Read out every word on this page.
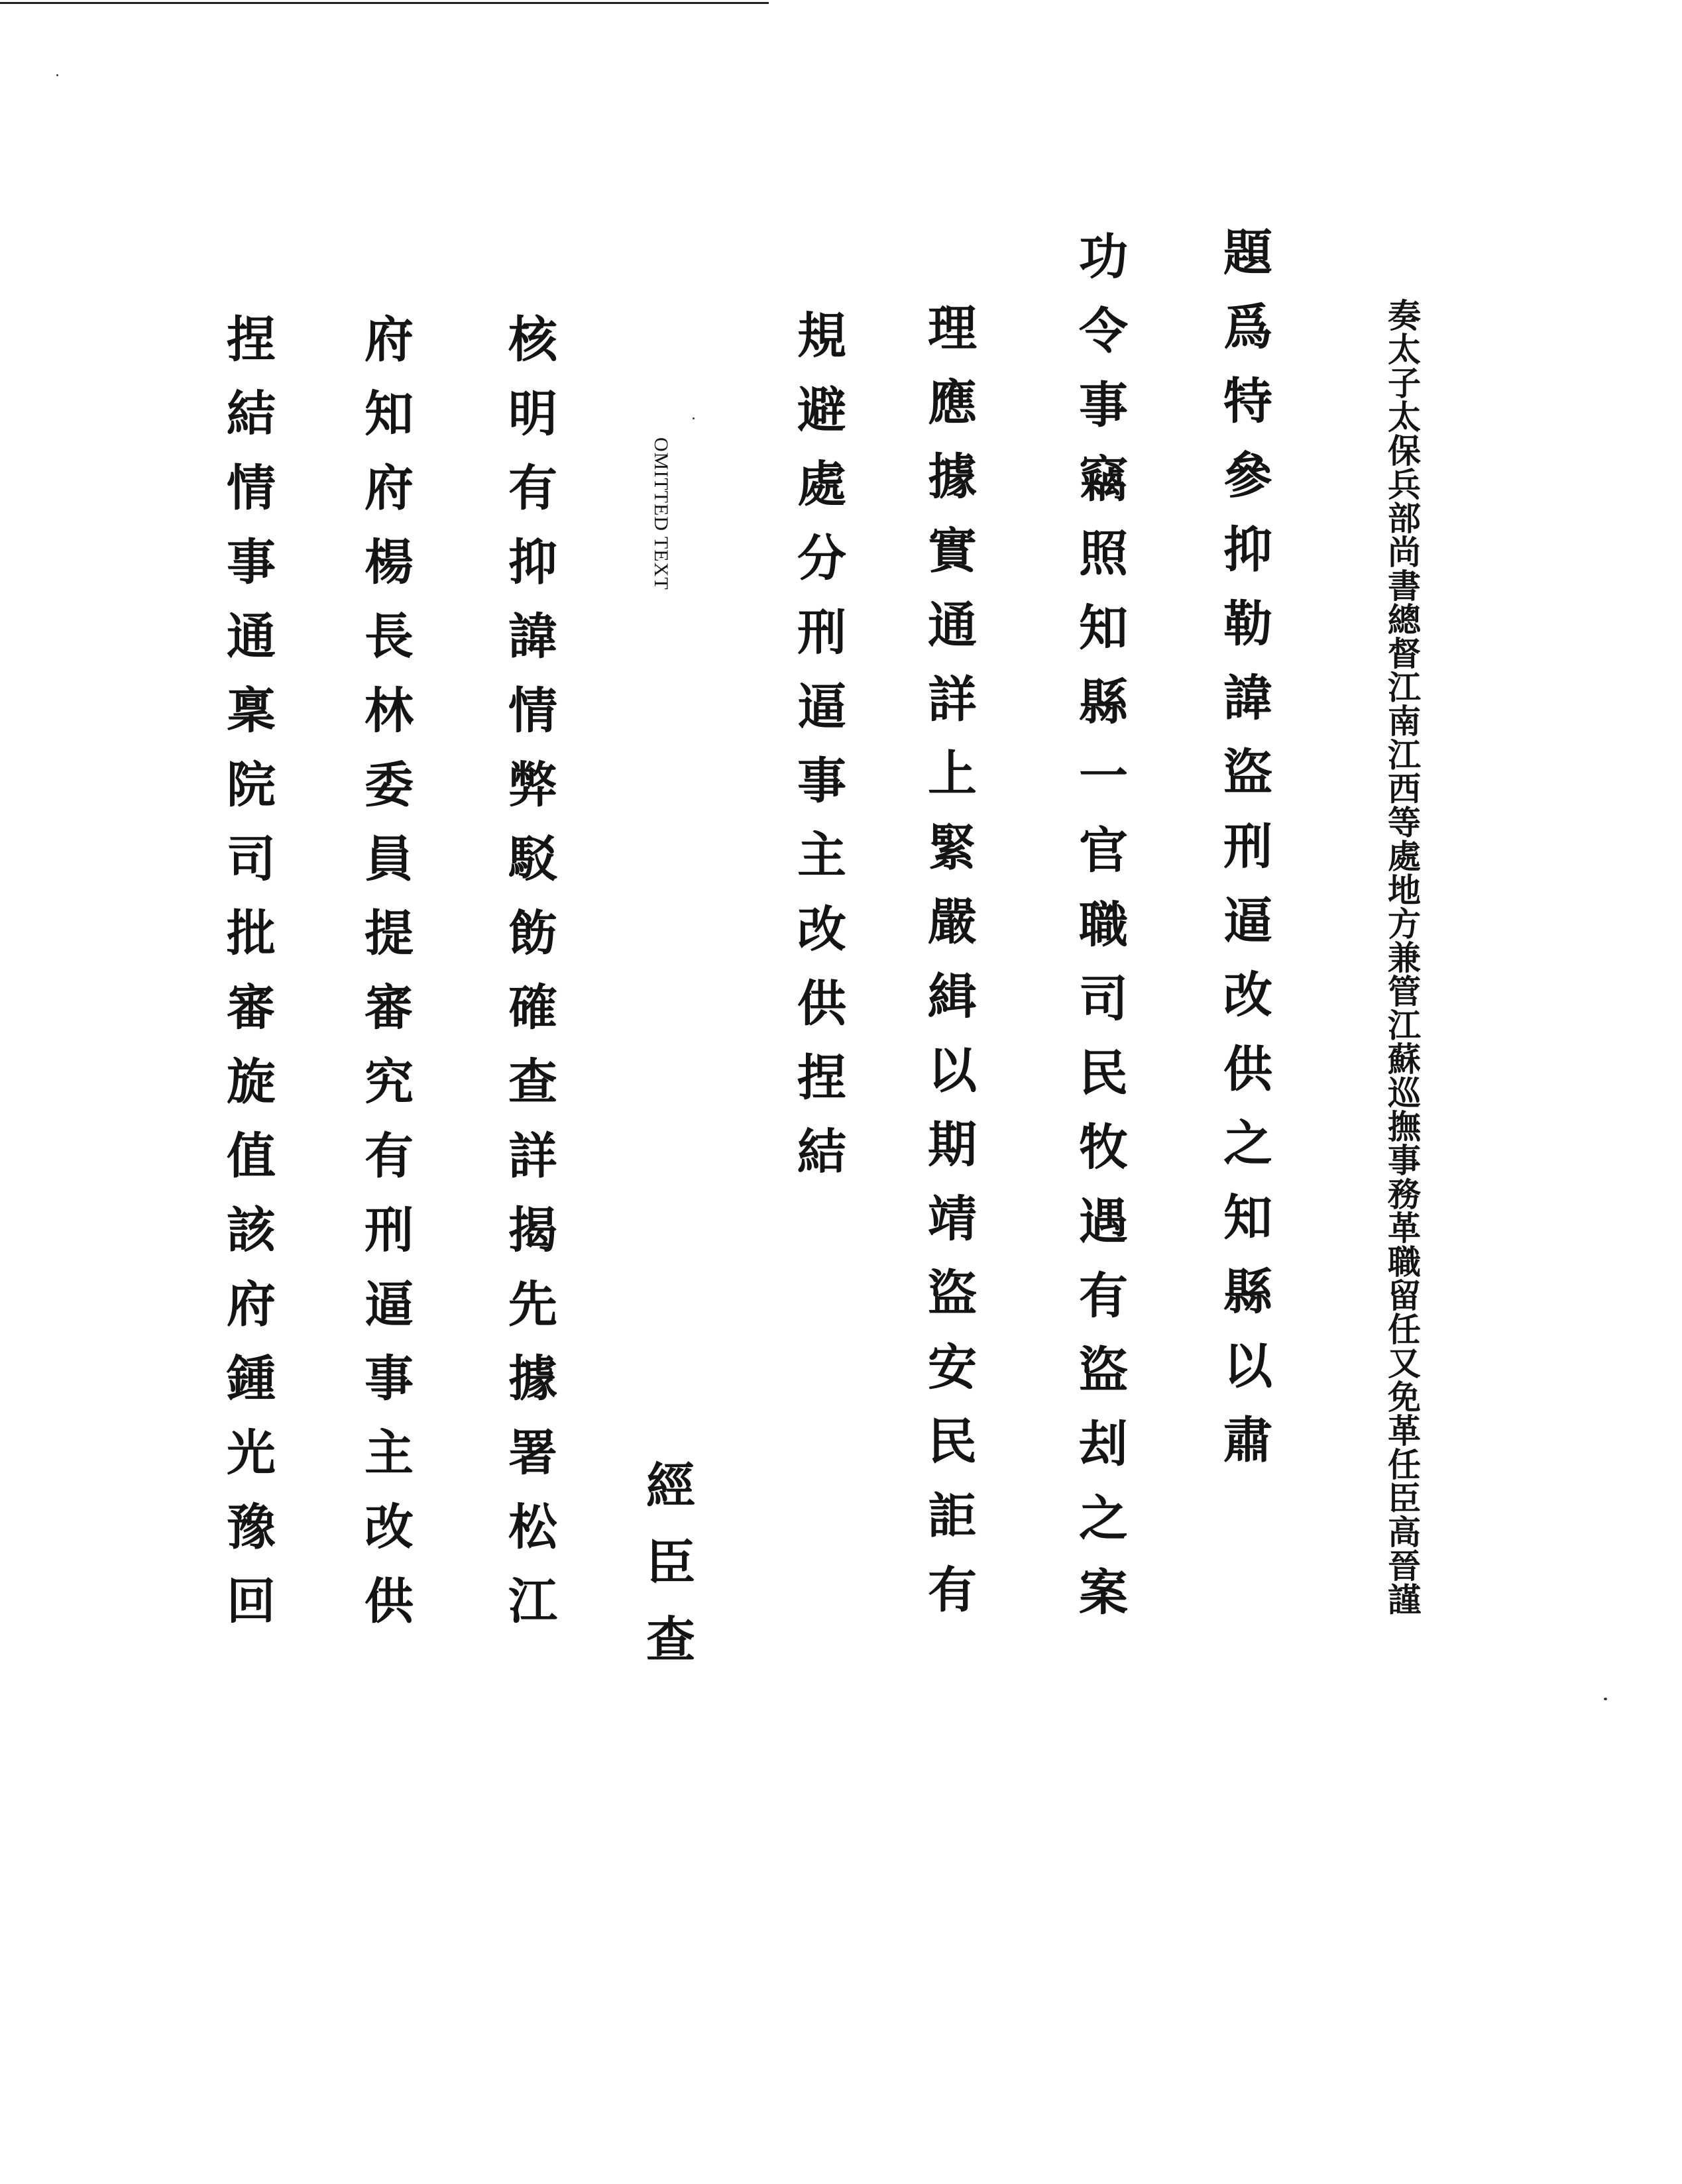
奏太子太保兵部尚書總督江南江西等處地方兼管江蘇巡撫事務革職留任又免革任臣高晉謹
題爲特參抑勒諱盜刑逼改供之知縣以肅
功令事竊照知縣一官職司民牧遇有盜刦之案
理應據實通詳上緊嚴緝以期靖盜安民詎有
規避處分刑逼事主改供捏結
OMITTED TEXT
經臣查
核明有抑諱情弊駁飭確查詳揭先據署松江
府知府楊長林委員提審究有刑逼事主改供
捏結情事通稟院司批審旋值該府鍾光豫回
